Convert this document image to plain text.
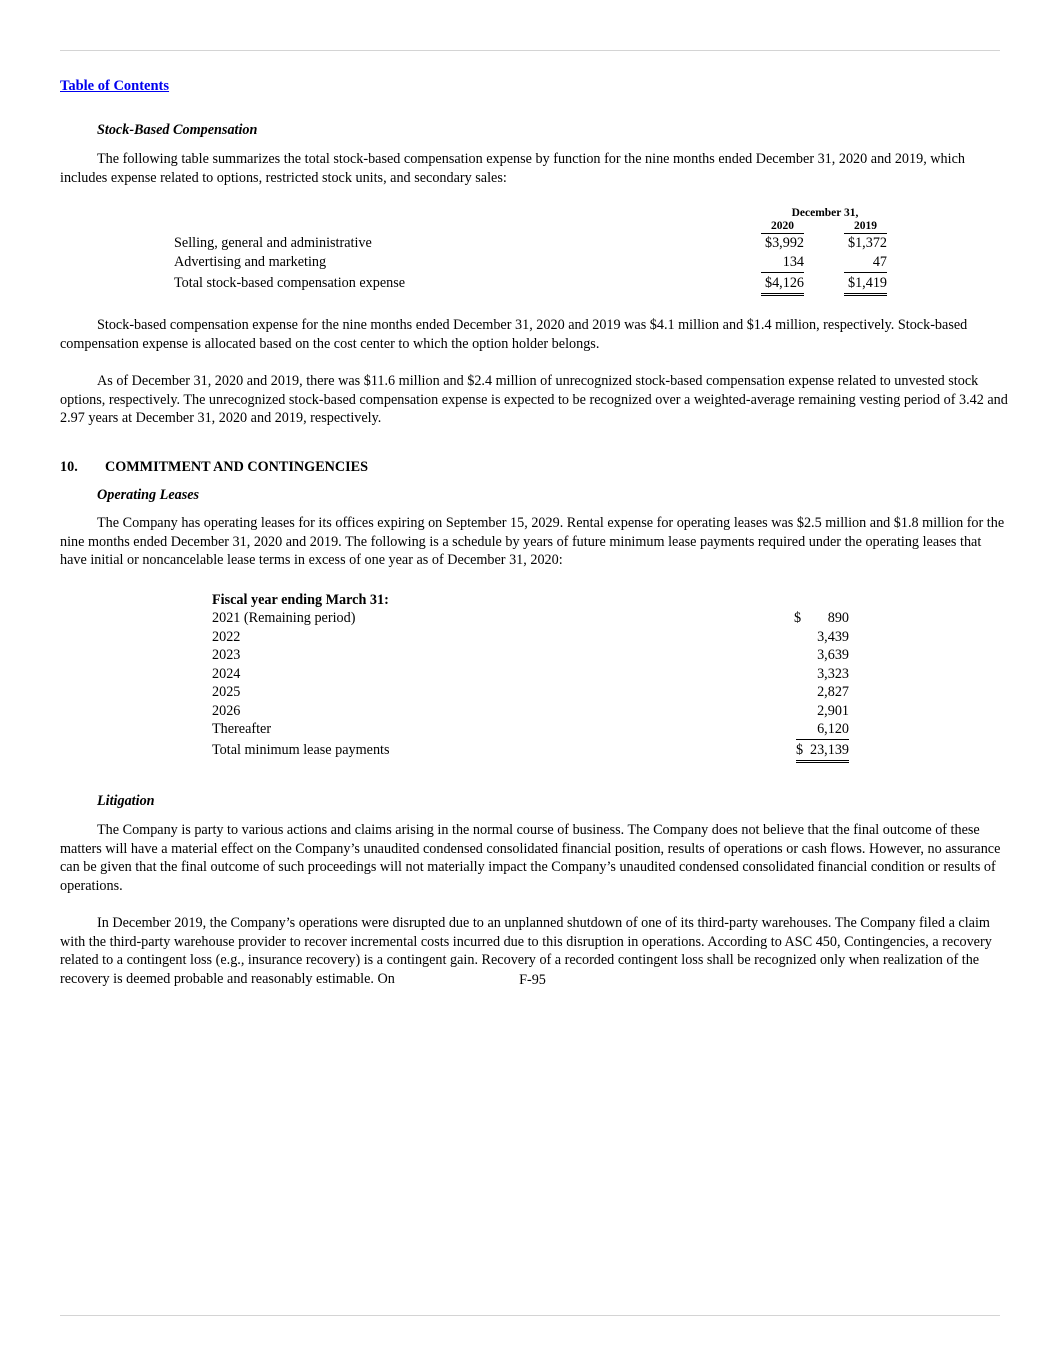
Table of Contents
Stock-Based Compensation

The following table summarizes the total stock-based compensation expense by function for the nine months ended December 31, 2020 and 2019, which includes expense related to options, restricted stock units, and secondary sales:

December 31,
2020	2019
Selling, general and administrative	$3,992	$1,372
Advertising and marketing	134	47
Total stock-based compensation expense	$4,126	$1,419

Stock-based compensation expense for the nine months ended December 31, 2020 and 2019 was $4.1 million and $1.4 million, respectively. Stock-based compensation expense is allocated based on the cost center to which the option holder belongs.

As of December 31, 2020 and 2019, there was $11.6 million and $2.4 million of unrecognized stock-based compensation expense related to unvested stock options, respectively. The unrecognized stock-based compensation expense is expected to be recognized over a weighted-average remaining vesting period of 3.42 and 2.97 years at December 31, 2020 and 2019, respectively.

10. COMMITMENT AND CONTINGENCIES
Operating Leases

The Company has operating leases for its offices expiring on September 15, 2029. Rental expense for operating leases was $2.5 million and $1.8 million for the nine months ended December 31, 2020 and 2019. The following is a schedule by years of future minimum lease payments required under the operating leases that have initial or noncancelable lease terms in excess of one year as of December 31, 2020:

Fiscal year ending March 31:
2021 (Remaining period)	$	890
2022	3,439
2023	3,639
2024	3,323
2025	2,827
2026	2,901
Thereafter	6,120
Total minimum lease payments	$ 23,139
Litigation

The Company is party to various actions and claims arising in the normal course of business. The Company does not believe that the final outcome of these matters will have a material effect on the Company’s unaudited condensed consolidated financial position, results of operations or cash flows. However, no assurance can be given that the final outcome of such proceedings will not materially impact the Company’s unaudited condensed consolidated financial condition or results of operations.

In December 2019, the Company’s operations were disrupted due to an unplanned shutdown of one of its third-party warehouses. The Company filed a claim with the third-party warehouse provider to recover incremental costs incurred due to this disruption in operations. According to ASC 450, Contingencies, a recovery related to a contingent loss (e.g., insurance recovery) is a contingent gain. Recovery of a recorded contingent loss shall be recognized only when realization of the recovery is deemed probable and reasonably estimable. On	F-95
